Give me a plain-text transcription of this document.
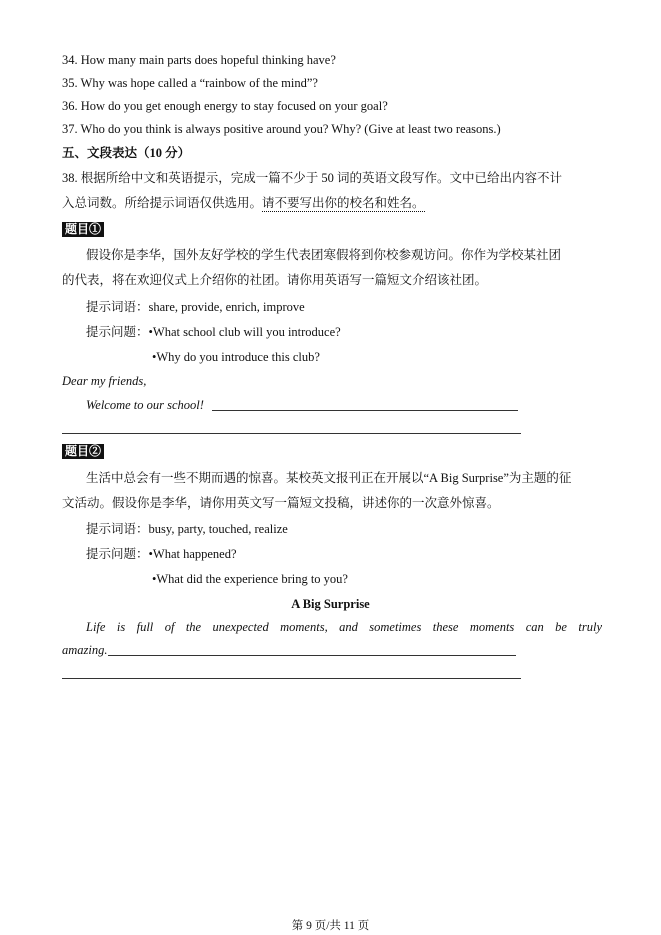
34. How many main parts does hopeful thinking have?
35. Why was hope called a “rainbow of the mind”?
36. How do you get enough energy to stay focused on your goal?
37. Who do you think is always positive around you? Why? (Give at least two reasons.)
五、文段表达（10 分）
38. 根据所给中文和英语提示，完成一篇不少于 50 词的英语文段写作。文中已给出内容不计
入总词数。所给提示词语仅供选用。请不要写出你的校名和姓名。
题目①
假设你是李华，国外友好学校的学生代表团寒假将到你校参观访问。你作为学校某社团
的代表，将在欢迎仪式上介绍你的社团。请你用英语写一篇短文介绍该社团。
提示词语：share, provide, enrich, improve
提示问题：•What school club will you introduce?
•Why do you introduce this club?
Dear my friends,
Welcome to our school!
题目②
生活中总会有一些不期而遇的惊喜。某校英文报刊正在开展以“A Big Surprise”为主题的征
文活动。假设你是李华，请你用英文写一篇短文投稿，讲述你的一次意外惊喜。
提示词语：busy, party, touched, realize
提示问题：•What happened?
•What did the experience bring to you?
A Big Surprise
Life is full of the unexpected moments, and sometimes these moments can be truly
amazing.
第 9 页/共 11 页
